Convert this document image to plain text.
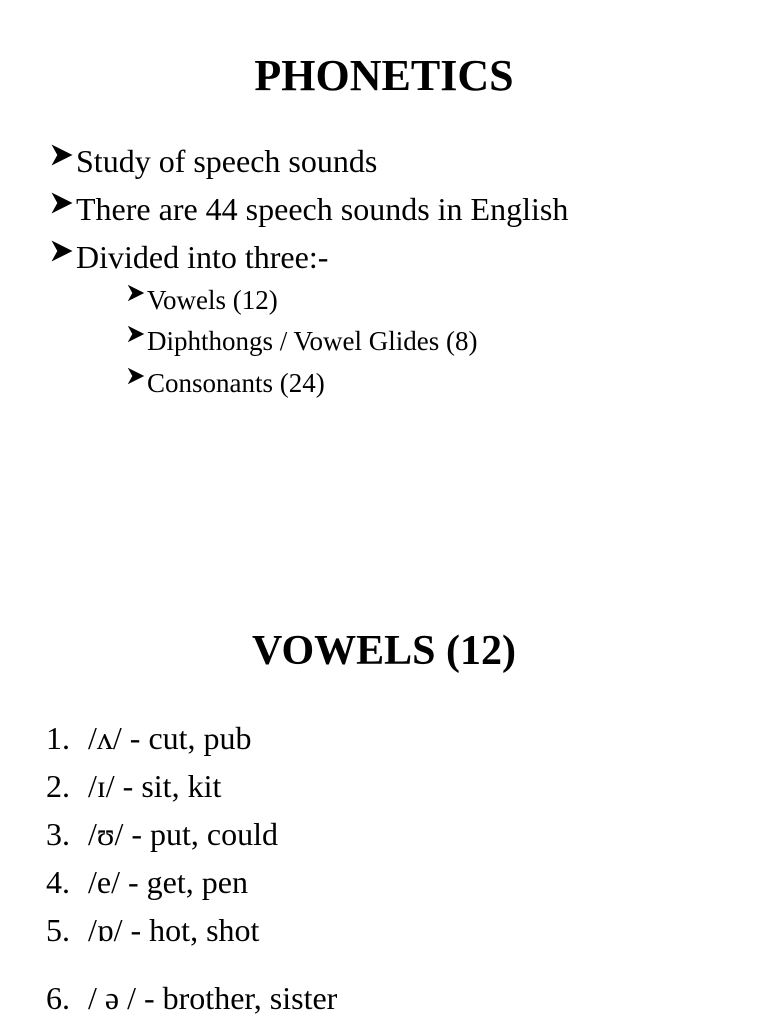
PHONETICS
Study of speech sounds
There are 44 speech sounds in English
Divided into three:-
Vowels (12)
Diphthongs / Vowel Glides (8)
Consonants (24)
VOWELS (12)
1. /ʌ/ - cut, pub
2. /ɪ/ - sit, kit
3. /ʊ/ - put, could
4. /e/ - get, pen
5. /ɒ/ - hot, shot
6. / ə / - brother, sister
